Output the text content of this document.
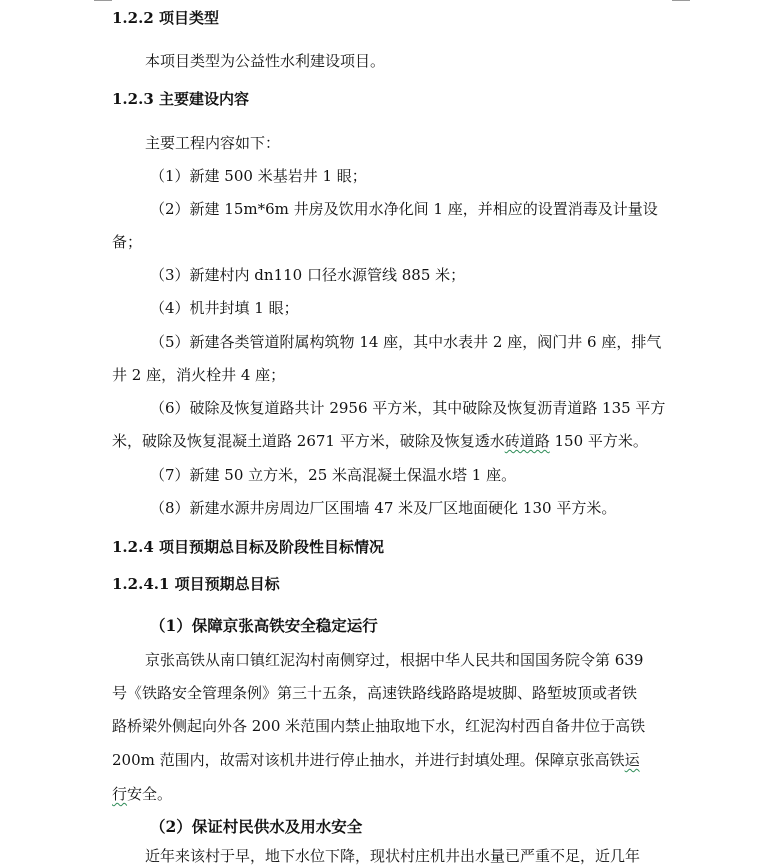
1.2.2 项目类型
本项目类型为公益性水利建设项目。
1.2.3 主要建设内容
主要工程内容如下：
（1）新建 500 米基岩井 1 眼；
（2）新建 15m*6m 井房及饮用水净化间 1 座，并相应的设置消毒及计量设
备；
（3）新建村内 dn110 口径水源管线 885 米；
（4）机井封填 1 眼；
（5）新建各类管道附属构筑物 14 座，其中水表井 2 座，阀门井 6 座，排气
井 2 座，消火栓井 4 座；
（6）破除及恢复道路共计 2956 平方米，其中破除及恢复沥青道路 135 平方
米，破除及恢复混凝土道路 2671 平方米，破除及恢复透水砖道路 150 平方米。
（7）新建 50 立方米，25 米高混凝土保温水塔 1 座。
（8）新建水源井房周边厂区围墙 47 米及厂区地面硬化 130 平方米。
1.2.4 项目预期总目标及阶段性目标情况
1.2.4.1 项目预期总目标
（1）保障京张高铁安全稳定运行
京张高铁从南口镇红泥沟村南侧穿过，根据中华人民共和国国务院令第 639
号《铁路安全管理条例》第三十五条，高速铁路线路路堤坡脚、路堑坡顶或者铁
路桥梁外侧起向外各 200 米范围内禁止抽取地下水，红泥沟村西自备井位于高铁
200m 范围内，故需对该机井进行停止抽水，并进行封填处理。保障京张高铁运
行安全。
（2）保证村民供水及用水安全
近年来该村于早，地下水位下降，现状村庄机井出水量已严重不足，近几年
